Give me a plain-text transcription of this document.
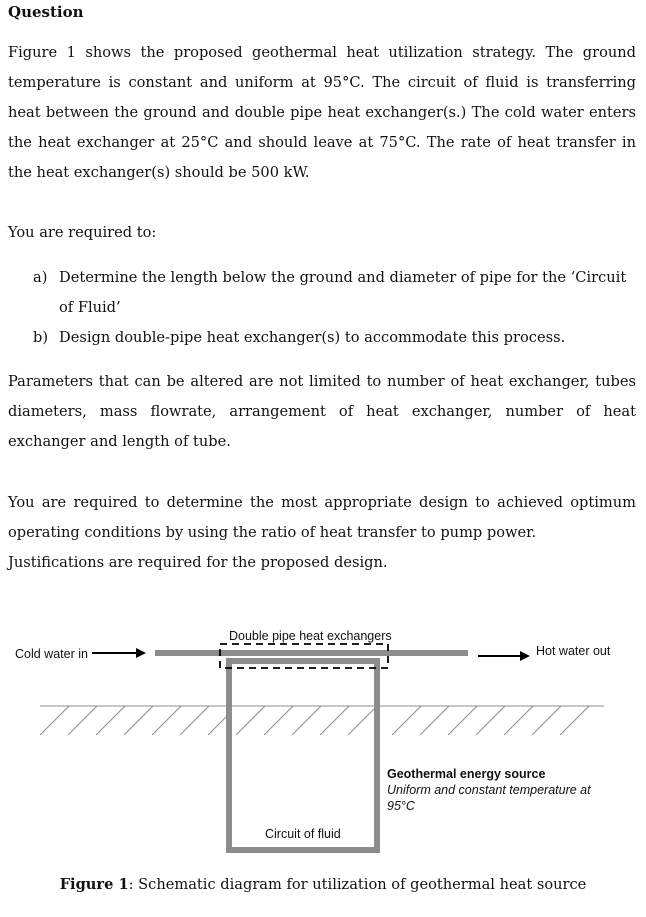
Question
Figure 1 shows the proposed geothermal heat utilization strategy. The ground temperature is constant and uniform at 95°C. The circuit of fluid is transferring heat between the ground and double pipe heat exchanger(s.) The cold water enters the heat exchanger at 25°C and should leave at 75°C. The rate of heat transfer in the heat exchanger(s) should be 500 kW.
You are required to:
a) Determine the length below the ground and diameter of pipe for the ‘Circuit of Fluid’
b) Design double-pipe heat exchanger(s) to accommodate this process.
Parameters that can be altered are not limited to number of heat exchanger, tubes diameters, mass flowrate, arrangement of heat exchanger, number of heat exchanger and length of tube.
You are required to determine the most appropriate design to achieved optimum operating conditions by using the ratio of heat transfer to pump power.
Justifications are required for the proposed design.
Double pipe heat exchangers
Cold water in	Hot water out
Geothermal energy source
Uniform and constant temperature at
95°C
Circuit of fluid
Figure 1: Schematic diagram for utilization of geothermal heat source
